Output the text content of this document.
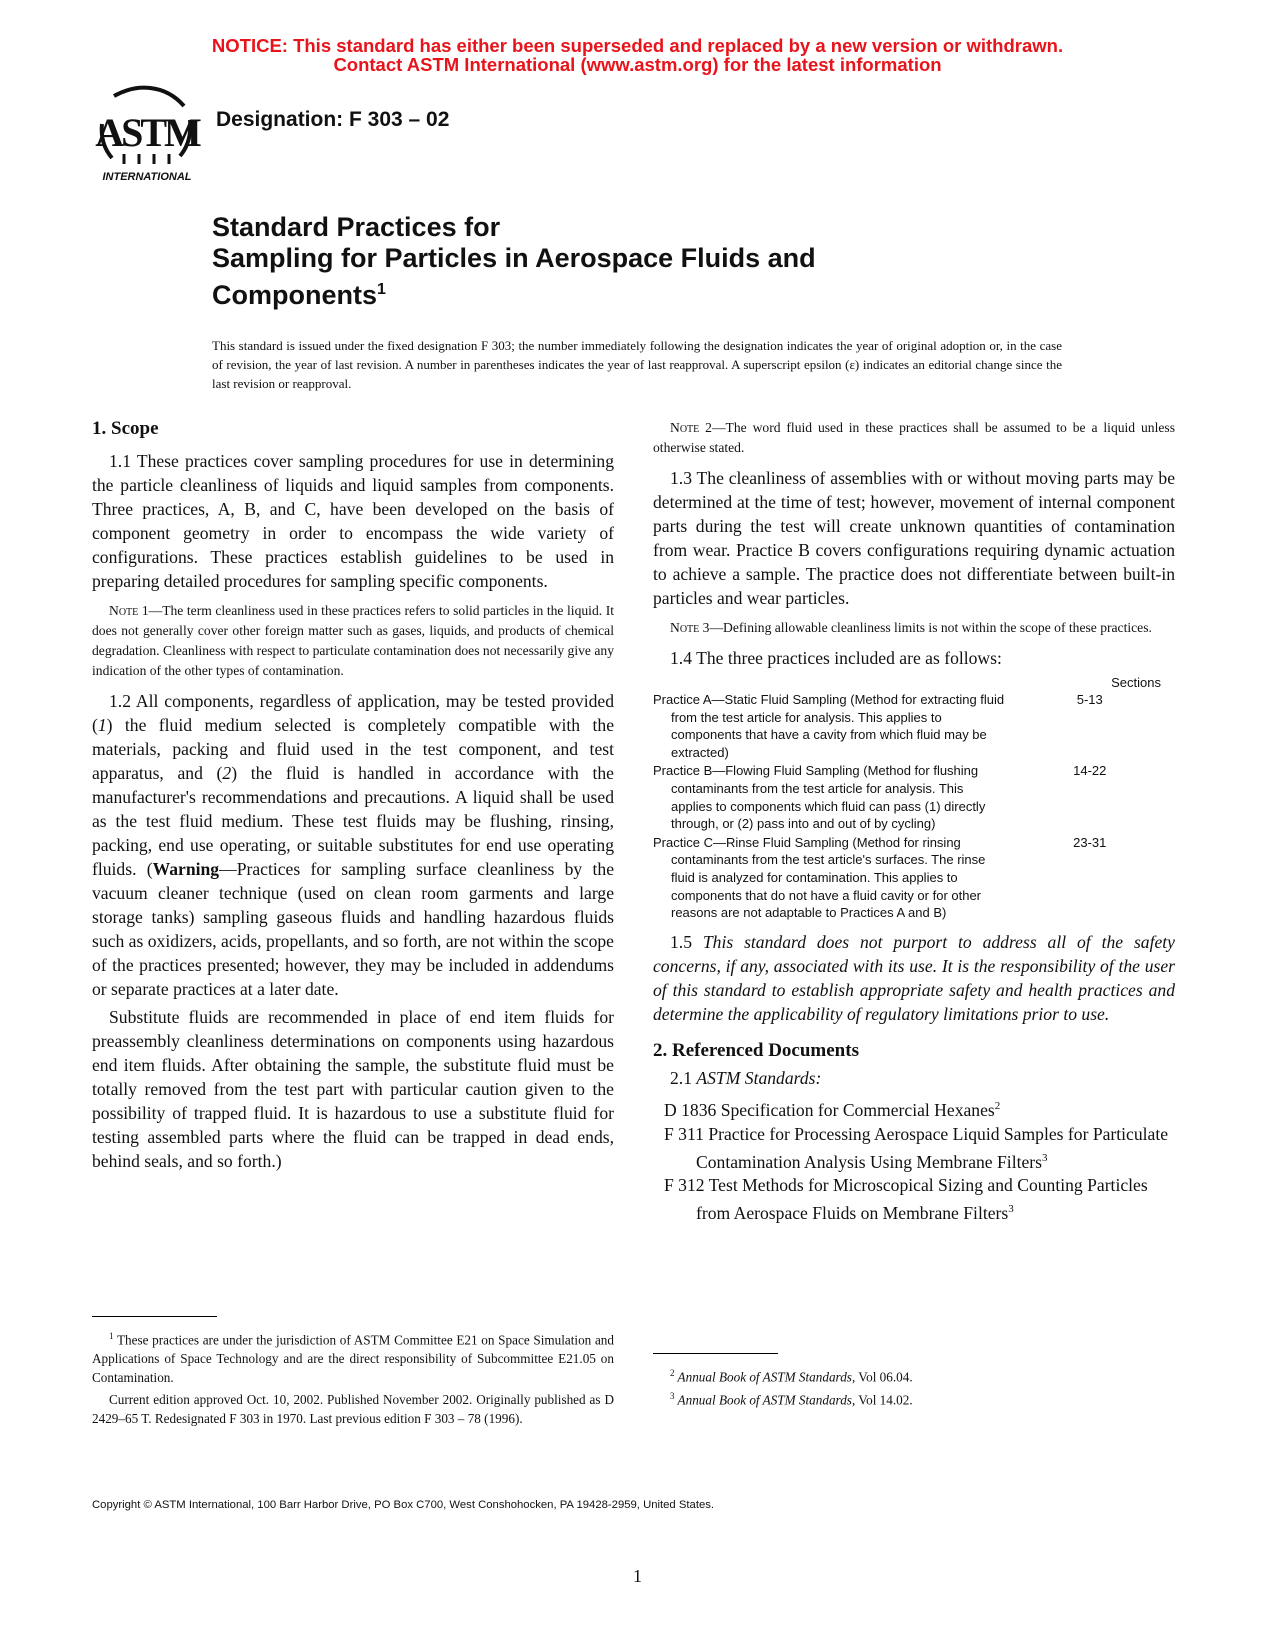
NOTICE: This standard has either been superseded and replaced by a new version or withdrawn.
Contact ASTM International (www.astm.org) for the latest information
ASTM
INTERNATIONAL
Designation: F 303 – 02
Standard Practices for
Sampling for Particles in Aerospace Fluids and
Components$^1$
This standard is issued under the fixed designation F 303; the number immediately following the designation indicates the year of original adoption or, in the case of revision, the year of last revision. A number in parentheses indicates the year of last reapproval. A superscript epsilon (ε) indicates an editorial change since the last revision or reapproval.
1. Scope

1.1 These practices cover sampling procedures for use in determining the particle cleanliness of liquids and liquid samples from components. Three practices, A, B, and C, have been developed on the basis of component geometry in order to encompass the wide variety of configurations. These practices establish guidelines to be used in preparing detailed procedures for sampling specific components.

Note 1—The term cleanliness used in these practices refers to solid particles in the liquid. It does not generally cover other foreign matter such as gases, liquids, and products of chemical degradation. Cleanliness with respect to particulate contamination does not necessarily give any indication of the other types of contamination.

1.2 All components, regardless of application, may be tested provided (1) the fluid medium selected is completely compatible with the materials, packing and fluid used in the test component, and test apparatus, and (2) the fluid is handled in accordance with the manufacturer's recommendations and precautions. A liquid shall be used as the test fluid medium. These test fluids may be flushing, rinsing, packing, end use operating, or suitable substitutes for end use operating fluids. (Warning—Practices for sampling surface cleanliness by the vacuum cleaner technique (used on clean room garments and large storage tanks) sampling gaseous fluids and handling hazardous fluids such as oxidizers, acids, propellants, and so forth, are not within the scope of the practices presented; however, they may be included in addendums or separate practices at a later date.

Substitute fluids are recommended in place of end item fluids for preassembly cleanliness determinations on components using hazardous end item fluids. After obtaining the sample, the substitute fluid must be totally removed from the test part with particular caution given to the possibility of trapped fluid. It is hazardous to use a substitute fluid for testing assembled parts where the fluid can be trapped in dead ends, behind seals, and so forth.)

Note 2—The word fluid used in these practices shall be assumed to be a liquid unless otherwise stated.

1.3 The cleanliness of assemblies with or without moving parts may be determined at the time of test; however, movement of internal component parts during the test will create unknown quantities of contamination from wear. Practice B covers configurations requiring dynamic actuation to achieve a sample. The practice does not differentiate between built-in particles and wear particles.

Note 3—Defining allowable cleanliness limits is not within the scope of these practices.

1.4 The three practices included are as follows:

Sections
Practice A—Static Fluid Sampling (Method for extracting fluid from the test article for analysis. This applies to components that have a cavity from which fluid may be extracted)
5-13
Practice B—Flowing Fluid Sampling (Method for flushing contaminants from the test article for analysis. This applies to components which fluid can pass (1) directly through, or (2) pass into and out of by cycling)
14-22
Practice C—Rinse Fluid Sampling (Method for rinsing contaminants from the test article's surfaces. The rinse fluid is analyzed for contamination. This applies to components that do not have a fluid cavity or for other reasons are not adaptable to Practices A and B)
23-31

1.5 This standard does not purport to address all of the safety concerns, if any, associated with its use. It is the responsibility of the user of this standard to establish appropriate safety and health practices and determine the applicability of regulatory limitations prior to use.

2. Referenced Documents

2.1 ASTM Standards:

D 1836 Specification for Commercial Hexanes$^2$

F 311 Practice for Processing Aerospace Liquid Samples for Particulate Contamination Analysis Using Membrane Filters$^3$

F 312 Test Methods for Microscopical Sizing and Counting Particles from Aerospace Fluids on Membrane Filters$^3$

$^1$ These practices are under the jurisdiction of ASTM Committee E21 on Space Simulation and Applications of Space Technology and are the direct responsibility of Subcommittee E21.05 on Contamination.

Current edition approved Oct. 10, 2002. Published November 2002. Originally published as D 2429–65 T. Redesignated F 303 in 1970. Last previous edition F 303 – 78 (1996).

$^2$ Annual Book of ASTM Standards, Vol 06.04.

$^3$ Annual Book of ASTM Standards, Vol 14.02.

Copyright © ASTM International, 100 Barr Harbor Drive, PO Box C700, West Conshohocken, PA 19428-2959, United States.
1
